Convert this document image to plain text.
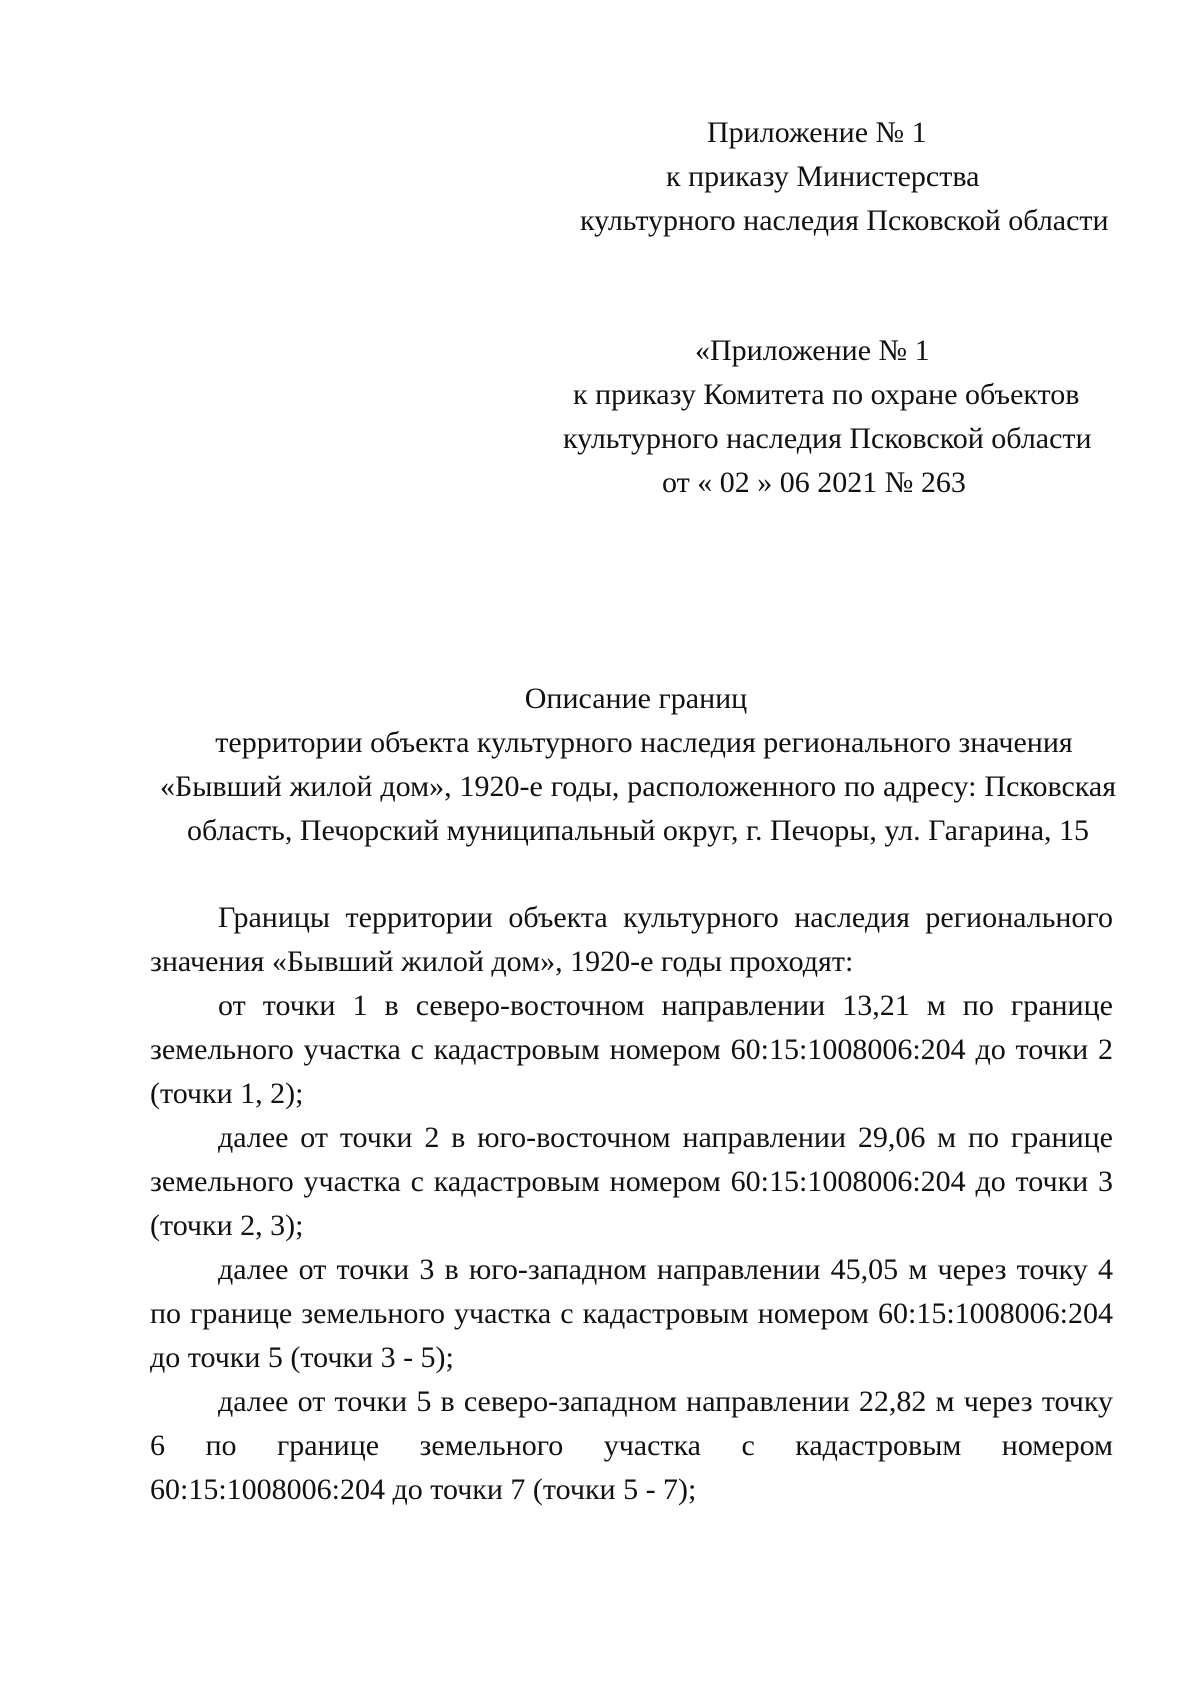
Приложение № 1
к приказу Министерства
культурного наследия Псковской области
«Приложение № 1
к приказу Комитета по охране объектов
культурного наследия Псковской области
от « 02 » 06 2021 № 263
Описание границ
территории объекта культурного наследия регионального значения
«Бывший жилой дом», 1920-е годы, расположенного по адресу: Псковская
область, Печорский муниципальный округ, г. Печоры, ул. Гагарина, 15
Границы территории объекта культурного наследия регионального
значения «Бывший жилой дом», 1920-е годы проходят:
от точки 1 в северо-восточном направлении 13,21 м по границе
земельного участка с кадастровым номером 60:15:1008006:204 до точки 2
(точки 1, 2);
далее от точки 2 в юго-восточном направлении 29,06 м по границе
земельного участка с кадастровым номером 60:15:1008006:204 до точки 3
(точки 2, 3);
далее от точки 3 в юго-западном направлении 45,05 м через точку 4
по границе земельного участка с кадастровым номером 60:15:1008006:204
до точки 5 (точки 3 - 5);
далее от точки 5 в северо-западном направлении 22,82 м через точку
6 по границе земельного участка с кадастровым номером
60:15:1008006:204 до точки 7 (точки 5 - 7);
